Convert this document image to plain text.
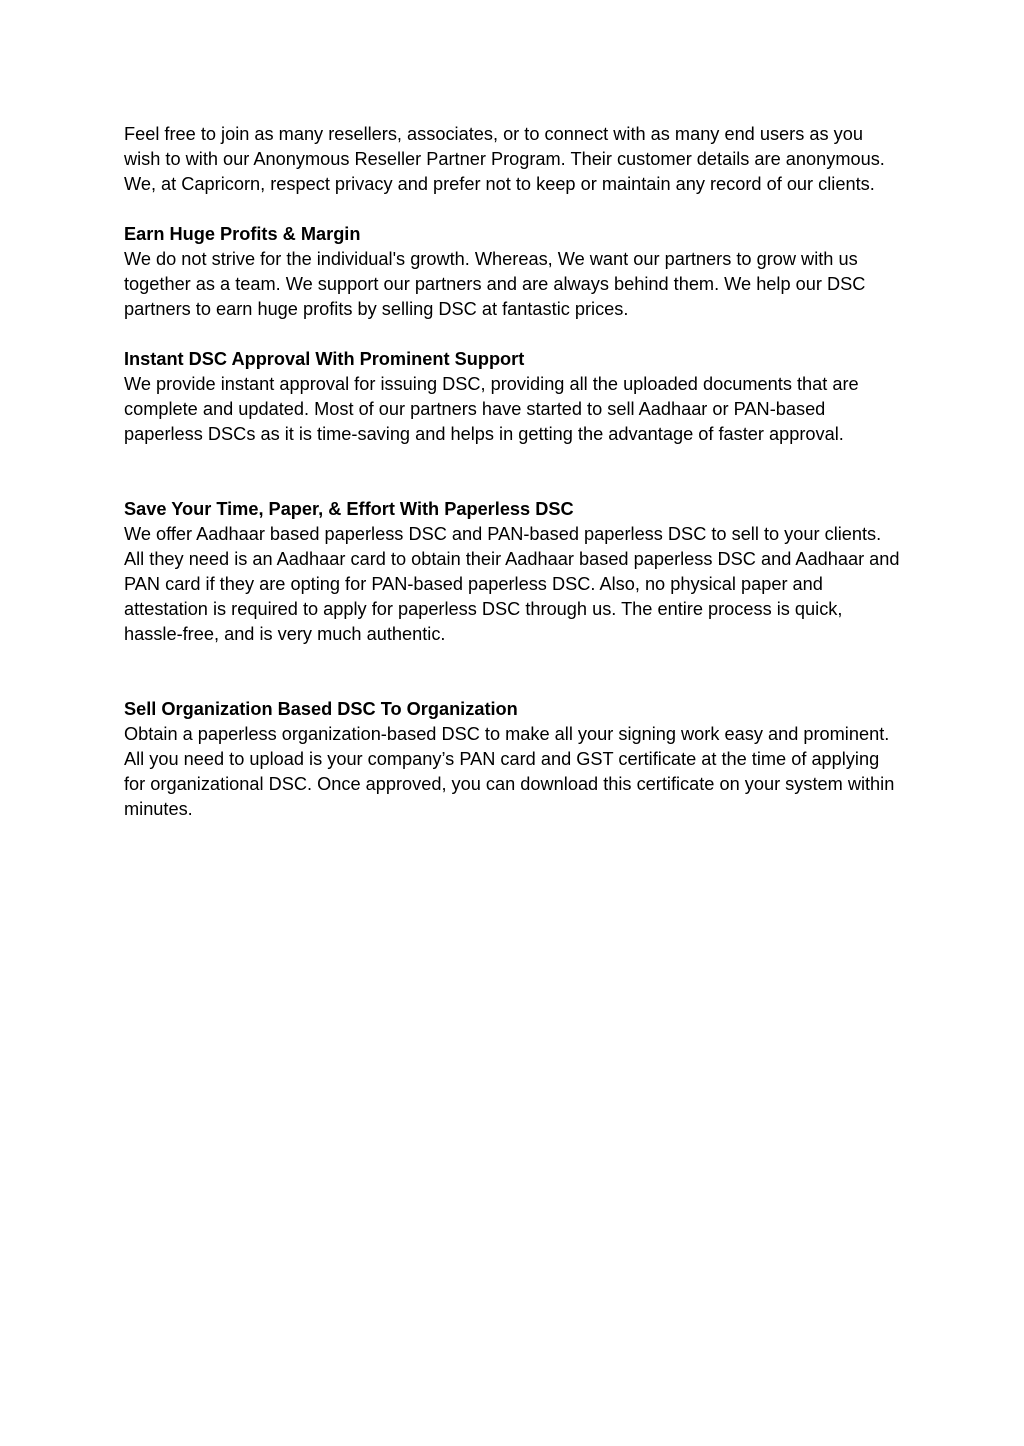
Feel free to join as many resellers, associates, or to connect with as many end users as you wish to with our Anonymous Reseller Partner Program. Their customer details are anonymous. We, at Capricorn, respect privacy and prefer not to keep or maintain any record of our clients.

Earn Huge Profits & Margin

We do not strive for the individual's growth. Whereas, We want our partners to grow with us together as a team. We support our partners and are always behind them. We help our DSC partners to earn huge profits by selling DSC at fantastic prices.

Instant DSC Approval With Prominent Support

We provide instant approval for issuing DSC, providing all the uploaded documents that are complete and updated. Most of our partners have started to sell Aadhaar or PAN-based paperless DSCs as it is time-saving and helps in getting the advantage of faster approval.

Save Your Time, Paper, & Effort With Paperless DSC

We offer Aadhaar based paperless DSC and PAN-based paperless DSC to sell to your clients. All they need is an Aadhaar card to obtain their Aadhaar based paperless DSC and Aadhaar and PAN card if they are opting for PAN-based paperless DSC. Also, no physical paper and attestation is required to apply for paperless DSC through us. The entire process is quick, hassle-free, and is very much authentic.

Sell Organization Based DSC To Organization

Obtain a paperless organization-based DSC to make all your signing work easy and prominent. All you need to upload is your company’s PAN card and GST certificate at the time of applying for organizational DSC. Once approved, you can download this certificate on your system within minutes.
